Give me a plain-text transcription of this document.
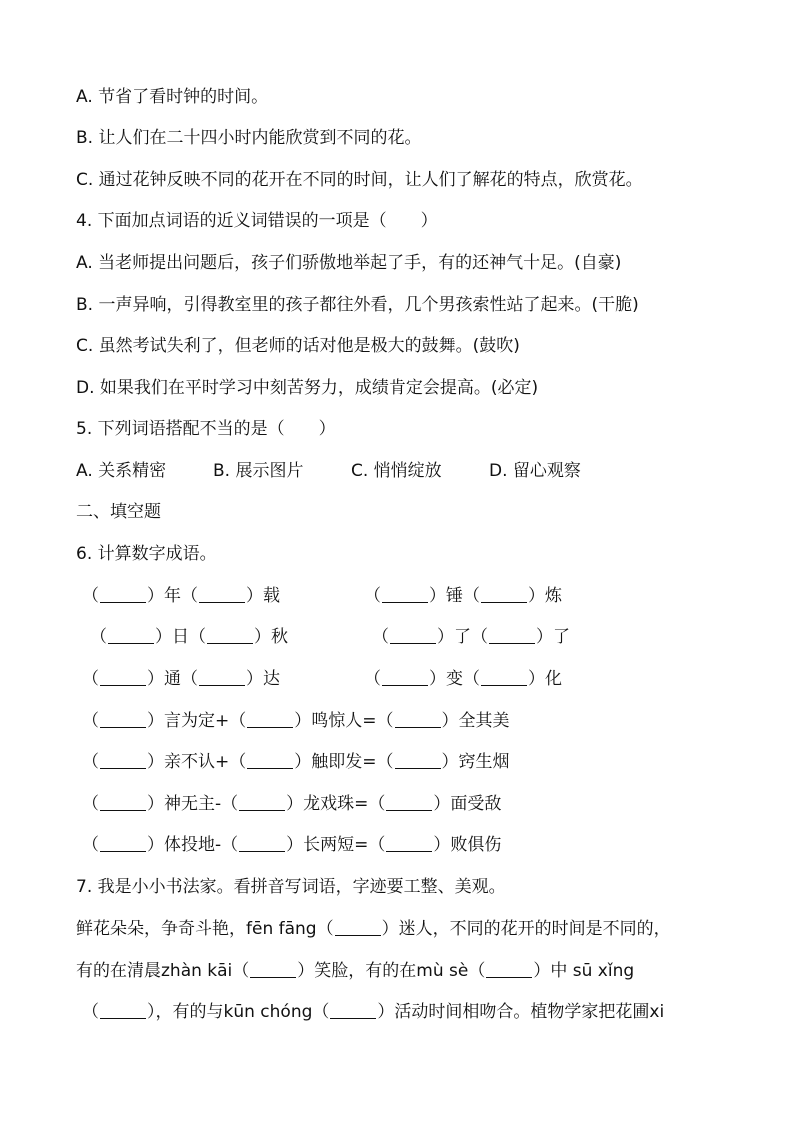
A. 节省了看时钟的时间。
B. 让人们在二十四小时内能欣赏到不同的花。
C. 通过花钟反映不同的花开在不同的时间，让人们了解花的特点，欣赏花。
4. 下面加点词语的近义词错误的一项是（　　）
A. 当老师提出问题后，孩子们骄傲地举起了手，有的还神气十足。(自豪)
B. 一声异响，引得教室里的孩子都往外看，几个男孩索性站了起来。(干脆)
C. 虽然考试失利了，但老师的话对他是极大的鼓舞。(鼓吹)
D. 如果我们在平时学习中刻苦努力，成绩肯定会提高。(必定)
5. 下列词语搭配不当的是（　　）
A. 关系精密	B. 展示图片	C. 悄悄绽放	D. 留心观察
二、填空题
6. 计算数字成语。
（	）年（	）载	（	）锤（	）炼
（	）日（	）秋	（	）了（	）了
（	）通（	）达	（	）变（	）化
（	）言为定+（	）鸣惊人=（	）全其美
（	）亲不认+（	）触即发=（	）窍生烟
（	）神无主-（	）龙戏珠=（	）面受敌
（	）体投地-（	）长两短=（	）败俱伤
7. 我是小小书法家。看拼音写词语，字迹要工整、美观。
鲜花朵朵，争奇斗艳，fēn fāng（	）迷人，不同的花开的时间是不同的，
有的在清晨zhàn kāi（	）笑脸，有的在mù sè（	）中 sū xǐng
（	），有的与kūn chóng（	）活动时间相吻合。植物学家把花圃xi
